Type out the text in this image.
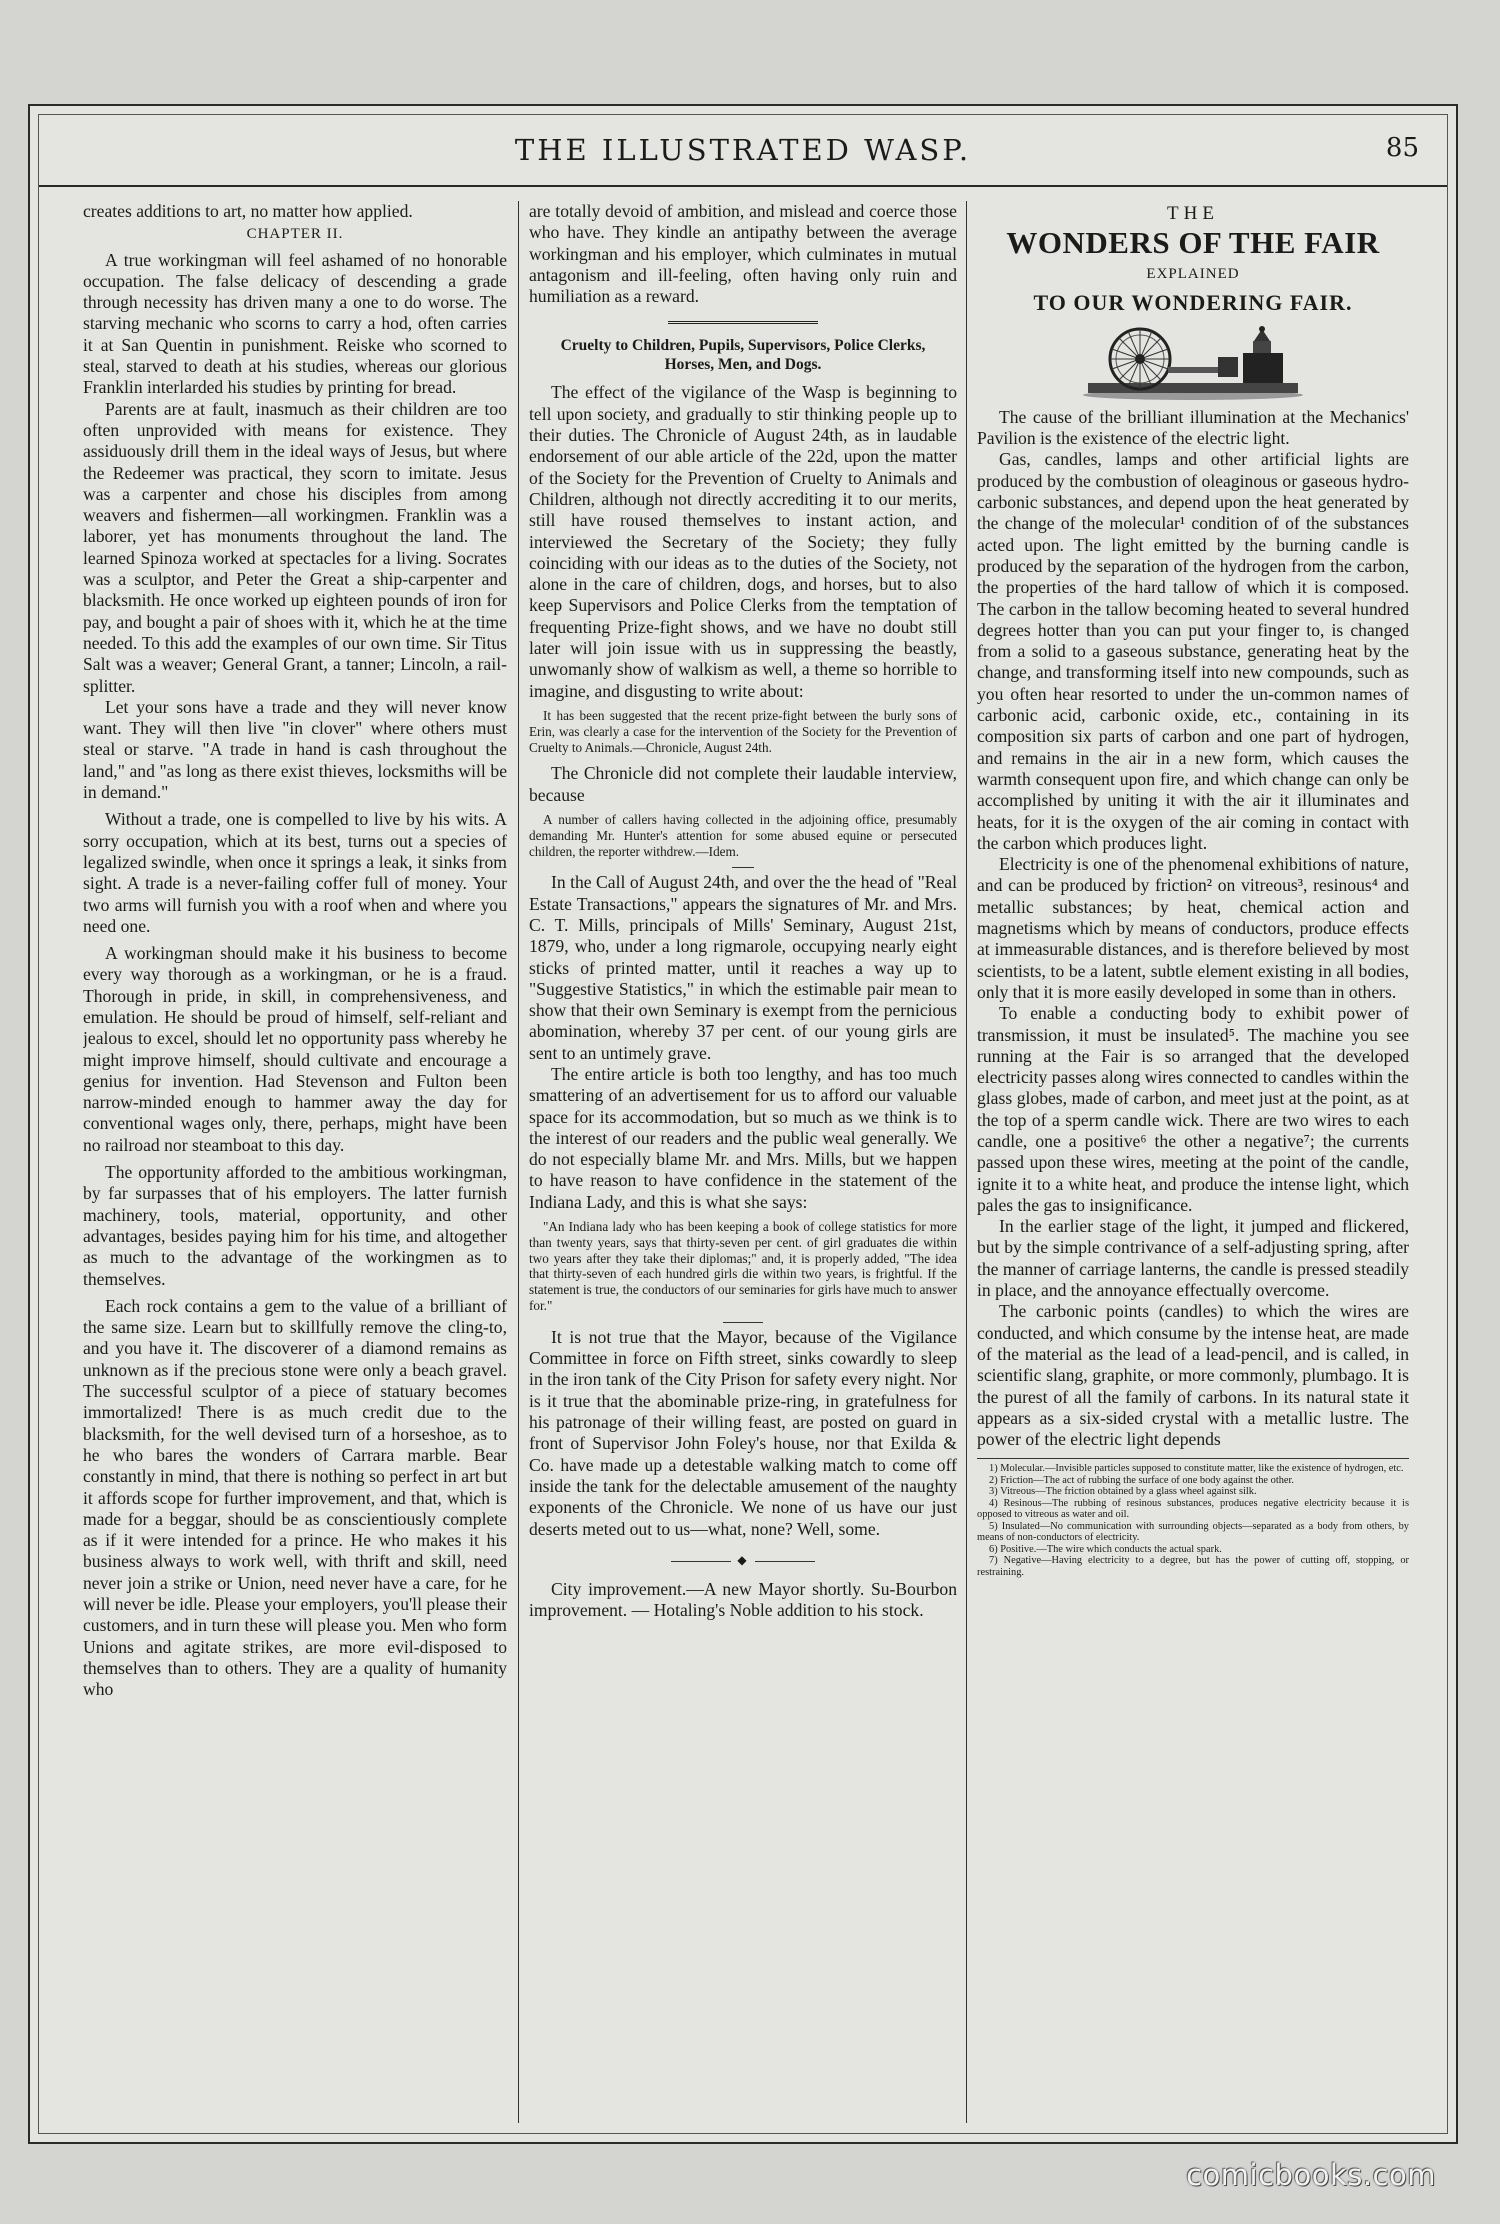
THE ILLUSTRATED WASP.	85

creates additions to art, no matter how applied.

CHAPTER II.

A true workingman will feel ashamed of no honorable occupation. The false delicacy of descending a grade through necessity has driven many a one to do worse. The starving mechanic who scorns to carry a hod, often carries it at San Quentin in punishment. Reiske who scorned to steal, starved to death at his studies, whereas our glorious Franklin interlarded his studies by printing for bread.

Parents are at fault, inasmuch as their children are too often unprovided with means for existence. They assiduously drill them in the ideal ways of Jesus, but where the Redeemer was practical, they scorn to imitate. Jesus was a carpenter and chose his disciples from among weavers and fishermen—all workingmen. Franklin was a laborer, yet has monuments throughout the land. The learned Spinoza worked at spectacles for a living. Socrates was a sculptor, and Peter the Great a ship-carpenter and blacksmith. He once worked up eighteen pounds of iron for pay, and bought a pair of shoes with it, which he at the time needed. To this add the examples of our own time. Sir Titus Salt was a weaver; General Grant, a tanner; Lincoln, a rail-splitter.

Let your sons have a trade and they will never know want. They will then live "in clover" where others must steal or starve. "A trade in hand is cash throughout the land," and "as long as there exist thieves, locksmiths will be in demand."

Without a trade, one is compelled to live by his wits. A sorry occupation, which at its best, turns out a species of legalized swindle, when once it springs a leak, it sinks from sight. A trade is a never-failing coffer full of money. Your two arms will furnish you with a roof when and where you need one.

A workingman should make it his business to become every way thorough as a workingman, or he is a fraud. Thorough in pride, in skill, in comprehensiveness, and emulation. He should be proud of himself, self-reliant and jealous to excel, should let no opportunity pass whereby he might improve himself, should cultivate and encourage a genius for invention. Had Stevenson and Fulton been narrow-minded enough to hammer away the day for conventional wages only, there, perhaps, might have been no railroad nor steamboat to this day.

The opportunity afforded to the ambitious workingman, by far surpasses that of his employers. The latter furnish machinery, tools, material, opportunity, and other advantages, besides paying him for his time, and altogether as much to the advantage of the workingmen as to themselves.

Each rock contains a gem to the value of a brilliant of the same size. Learn but to skillfully remove the cling-to, and you have it. The discoverer of a diamond remains as unknown as if the precious stone were only a beach gravel. The successful sculptor of a piece of statuary becomes immortalized! There is as much credit due to the blacksmith, for the well devised turn of a horseshoe, as to he who bares the wonders of Carrara marble. Bear constantly in mind, that there is nothing so perfect in art but it affords scope for further improvement, and that, which is made for a beggar, should be as conscientiously complete as if it were intended for a prince. He who makes it his business always to work well, with thrift and skill, need never join a strike or Union, need never have a care, for he will never be idle. Please your employers, you'll please their customers, and in turn these will please you. Men who form Unions and agitate strikes, are more evil-disposed to themselves than to others. They are a quality of humanity who

are totally devoid of ambition, and mislead and coerce those who have. They kindle an antipathy between the average workingman and his employer, which culminates in mutual antagonism and ill-feeling, often having only ruin and humiliation as a reward.

Cruelty to Children, Pupils, Supervisors, Police Clerks, Horses, Men, and Dogs.

The effect of the vigilance of the Wasp is beginning to tell upon society, and gradually to stir thinking people up to their duties. The Chronicle of August 24th, as in laudable endorsement of our able article of the 22d, upon the matter of the Society for the Prevention of Cruelty to Animals and Children, although not directly accrediting it to our merits, still have roused themselves to instant action, and interviewed the Secretary of the Society; they fully coinciding with our ideas as to the duties of the Society, not alone in the care of children, dogs, and horses, but to also keep Supervisors and Police Clerks from the temptation of frequenting Prize-fight shows, and we have no doubt still later will join issue with us in suppressing the beastly, unwomanly show of walkism as well, a theme so horrible to imagine, and disgusting to write about:

It has been suggested that the recent prize-fight between the burly sons of Erin, was clearly a case for the intervention of the Society for the Prevention of Cruelty to Animals.—Chronicle, August 24th.

The Chronicle did not complete their laudable interview, because

A number of callers having collected in the adjoining office, presumably demanding Mr. Hunter's attention for some abused equine or persecuted children, the reporter withdrew.—Idem.

In the Call of August 24th, and over the the head of "Real Estate Transactions," appears the signatures of Mr. and Mrs. C. T. Mills, principals of Mills' Seminary, August 21st, 1879, who, under a long rigmarole, occupying nearly eight sticks of printed matter, until it reaches a way up to "Suggestive Statistics," in which the estimable pair mean to show that their own Seminary is exempt from the pernicious abomination, whereby 37 per cent. of our young girls are sent to an untimely grave.

The entire article is both too lengthy, and has too much smattering of an advertisement for us to afford our valuable space for its accommodation, but so much as we think is to the interest of our readers and the public weal generally. We do not especially blame Mr. and Mrs. Mills, but we happen to have reason to have confidence in the statement of the Indiana Lady, and this is what she says:

"An Indiana lady who has been keeping a book of college statistics for more than twenty years, says that thirty-seven per cent. of girl graduates die within two years after they take their diplomas;" and, it is properly added, "The idea that thirty-seven of each hundred girls die within two years, is frightful. If the statement is true, the conductors of our seminaries for girls have much to answer for."

It is not true that the Mayor, because of the Vigilance Committee in force on Fifth street, sinks cowardly to sleep in the iron tank of the City Prison for safety every night. Nor is it true that the abominable prize-ring, in gratefulness for his patronage of their willing feast, are posted on guard in front of Supervisor John Foley's house, nor that Exilda & Co. have made up a detestable walking match to come off inside the tank for the delectable amusement of the naughty exponents of the Chronicle. We none of us have our just deserts meted out to us—what, none? Well, some.

◆

City improvement.—A new Mayor shortly. Su-Bourbon improvement. — Hotaling's Noble addition to his stock.

THE
WONDERS OF THE FAIR
EXPLAINED
TO OUR WONDERING FAIR.

The cause of the brilliant illumination at the Mechanics' Pavilion is the existence of the electric light.

Gas, candles, lamps and other artificial lights are produced by the combustion of oleaginous or gaseous hydro-carbonic substances, and depend upon the heat generated by the change of the molecular¹ condition of of the substances acted upon. The light emitted by the burning candle is produced by the separation of the hydrogen from the carbon, the properties of the hard tallow of which it is composed. The carbon in the tallow becoming heated to several hundred degrees hotter than you can put your finger to, is changed from a solid to a gaseous substance, generating heat by the change, and transforming itself into new compounds, such as you often hear resorted to under the un-common names of carbonic acid, carbonic oxide, etc., containing in its composition six parts of carbon and one part of hydrogen, and remains in the air in a new form, which causes the warmth consequent upon fire, and which change can only be accomplished by uniting it with the air it illuminates and heats, for it is the oxygen of the air coming in contact with the carbon which produces light.

Electricity is one of the phenomenal exhibitions of nature, and can be produced by friction² on vitreous³, resinous⁴ and metallic substances; by heat, chemical action and magnetisms which by means of conductors, produce effects at immeasurable distances, and is therefore believed by most scientists, to be a latent, subtle element existing in all bodies, only that it is more easily developed in some than in others.

To enable a conducting body to exhibit power of transmission, it must be insulated⁵. The machine you see running at the Fair is so arranged that the developed electricity passes along wires connected to candles within the glass globes, made of carbon, and meet just at the point, as at the top of a sperm candle wick. There are two wires to each candle, one a positive⁶ the other a negative⁷; the currents passed upon these wires, meeting at the point of the candle, ignite it to a white heat, and produce the intense light, which pales the gas to insignificance.

In the earlier stage of the light, it jumped and flickered, but by the simple contrivance of a self-adjusting spring, after the manner of carriage lanterns, the candle is pressed steadily in place, and the annoyance effectually overcome.

The carbonic points (candles) to which the wires are conducted, and which consume by the intense heat, are made of the material as the lead of a lead-pencil, and is called, in scientific slang, graphite, or more commonly, plumbago. It is the purest of all the family of carbons. In its natural state it appears as a six-sided crystal with a metallic lustre. The power of the electric light depends

1) Molecular.—Invisible particles supposed to constitute matter, like the existence of hydrogen, etc.

2) Friction—The act of rubbing the surface of one body against the other.

3) Vitreous—The friction obtained by a glass wheel against silk.

4) Resinous—The rubbing of resinous substances, produces negative electricity because it is opposed to vitreous as water and oil.

5) Insulated—No communication with surrounding objects—separated as a body from others, by means of non-conductors of electricity.

6) Positive.—The wire which conducts the actual spark.

7) Negative—Having electricity to a degree, but has the power of cutting off, stopping, or restraining.

comicbooks.com
